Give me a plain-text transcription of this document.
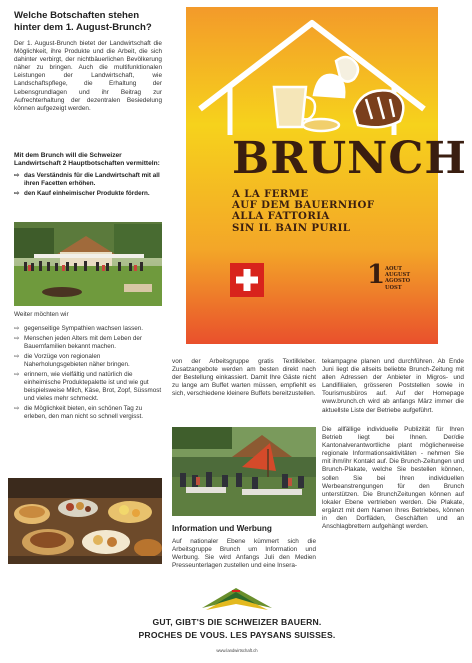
Welche Botschaften stehen hinter dem 1. August-Brunch?
Der 1. August-Brunch bietet der Landwirtschaft die Möglichkeit, ihre Produkte und die Arbeit, die sich dahinter verbirgt, der nichtbäuerlichen Bevölkerung näher zu bringen. Auch die multifunktionalen Leistungen der Landwirtschaft, wie Landschaftspflege, die Erhaltung der Lebensgrundlagen und ihr Beitrag zur Aufrechterhaltung der dezentralen Besiedelung können aufgezeigt werden.
Mit dem Brunch will die Schweizer Landwirtschaft 2 Hauptbotschaften vermitteln:
⇨ das Verständnis für die Landwirtschaft mit all ihren Facetten erhöhen.
⇨ den Kauf einheimischer Produkte fördern.
Weiter möchten wir
⇨ gegenseitige Sympathien wachsen lassen.
⇨ Menschen jeden Alters mit dem Leben der Bauernfamilien bekannt machen.
⇨ die Vorzüge von regionalen Naherholungsgebieten näher bringen.
⇨ erinnern, wie vielfältig und natürlich die einheimische Produktepalette ist und wie gut beispielsweise Milch, Käse, Brot, Zopf, Süssmost und vieles mehr schmeckt.
⇨ die Möglichkeit bieten, ein schönen Tag zu erleben, den man nicht so schnell vergisst.
BRUNCH
A LA FERME
AUF DEM BAUERNHOF
ALLA FATTORIA
SIN IL BAIN PURIL
1 AOUT
AUGUST
AGOSTO
UOST
von der Arbeitsgruppe gratis Textilkleber. Zusatzangebote werden am besten direkt nach der Bestellung einkassiert. Damit Ihre Gäste nicht zu lange am Buffet warten müssen, empfiehlt es sich, verschiedene kleinere Buffets bereitzustellen.
Information und Werbung
Auf nationaler Ebene kümmert sich die Arbeitsgruppe Brunch um Information und Werbung. Sie wird Anfangs Juli den Medien Presseunterlagen zustellen und eine Insera-
tekampagne planen und durchführen. Ab Ende Juni liegt die allseits beliebte Brunch-Zeitung mit allen Adressen der Anbieter in Migros- und Landifilialen, grösseren Poststellen sowie in Tourismusbüros auf. Auf der Homepage www.brunch.ch wird ab anfangs März immer die aktuellste Liste der Betriebe aufgeführt.
Die allfällige individuelle Publizität für Ihren Betrieb liegt bei Ihnen. Der/die Kantonalverantwortliche plant möglicherweise regionale Informationsaktivitäten - nehmen Sie mit ihm/ihr Kontakt auf. Die Brunch-Zeitungen und Brunch-Plakate, welche Sie bestellen können, sollen Sie bei Ihren individuellen Werbeanstrengungen für den Brunch unterstützen. Die BrunchZeitungen können auf lokaler Ebene vertrieben werden. Die Plakate, ergänzt mit dem Namen Ihres Betriebes, können in den Dorfläden, Geschäften und an Anschlagbrettern aufgehängt werden.
GUT, GIBT'S DIE SCHWEIZER BAUERN.
PROCHES DE VOUS. LES PAYSANS SUISSES.
www.landwirtschaft.ch
